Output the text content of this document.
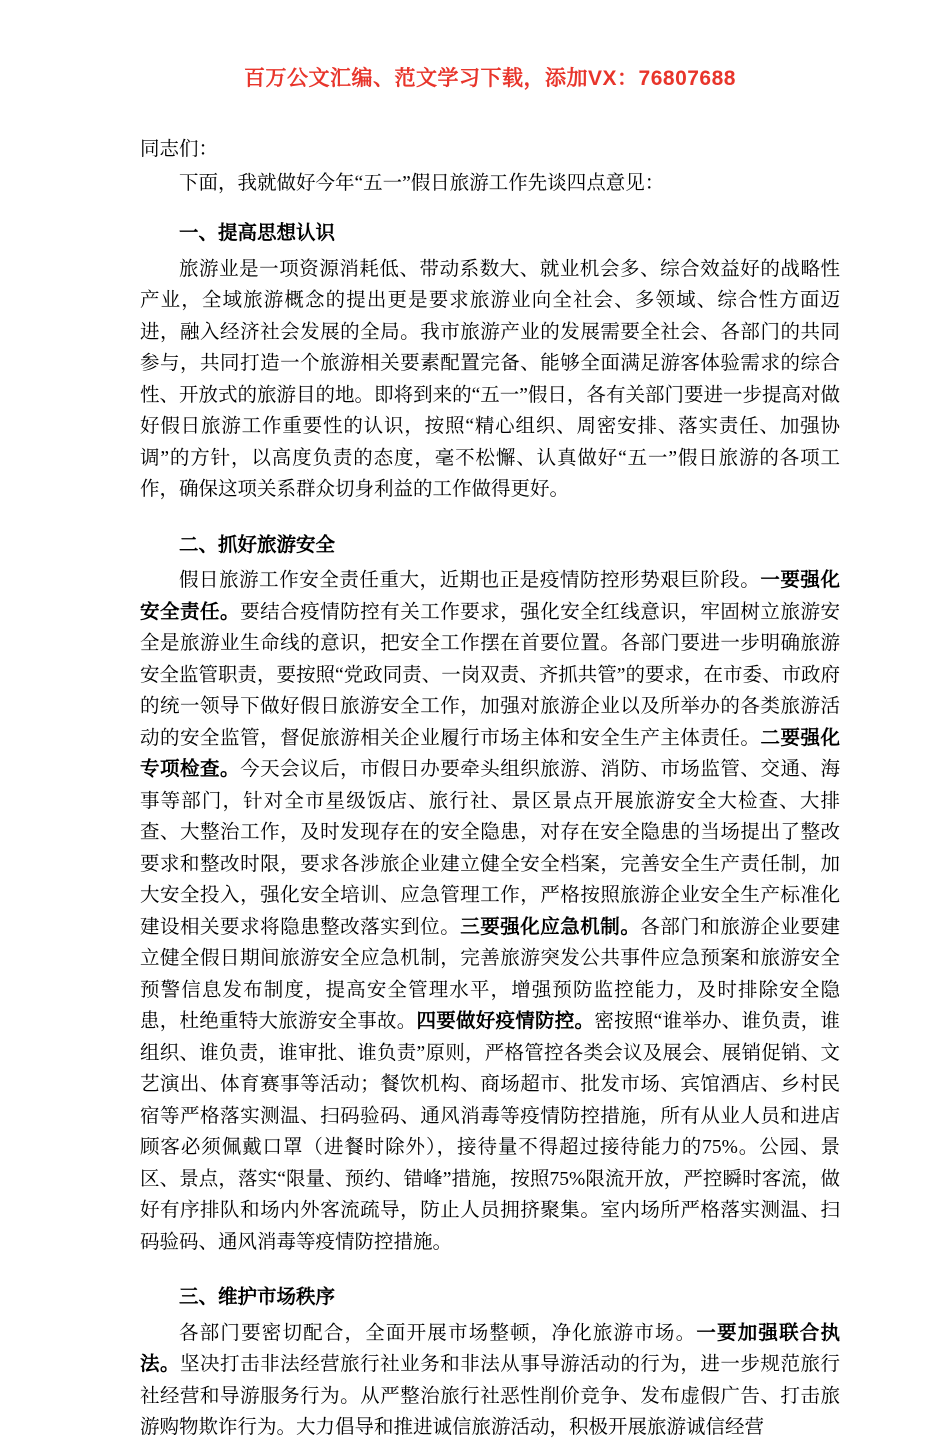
百万公文汇编、范文学习下载，添加VX：76807688

同志们：

下面，我就做好今年“五一”假日旅游工作先谈四点意见：

一、提高思想认识

旅游业是一项资源消耗低、带动系数大、就业机会多、综合效益好的战略性产业，全域旅游概念的提出更是要求旅游业向全社会、多领域、综合性方面迈进，融入经济社会发展的全局。我市旅游产业的发展需要全社会、各部门的共同参与，共同打造一个旅游相关要素配置完备、能够全面满足游客体验需求的综合性、开放式的旅游目的地。即将到来的“五一”假日，各有关部门要进一步提高对做好假日旅游工作重要性的认识，按照“精心组织、周密安排、落实责任、加强协调”的方针，以高度负责的态度，毫不松懈、认真做好“五一”假日旅游的各项工作，确保这项关系群众切身利益的工作做得更好。

二、抓好旅游安全

假日旅游工作安全责任重大，近期也正是疫情防控形势艰巨阶段。一要强化安全责任。要结合疫情防控有关工作要求，强化安全红线意识，牢固树立旅游安全是旅游业生命线的意识，把安全工作摆在首要位置。各部门要进一步明确旅游安全监管职责，要按照“党政同责、一岗双责、齐抓共管”的要求，在市委、市政府的统一领导下做好假日旅游安全工作，加强对旅游企业以及所举办的各类旅游活动的安全监管，督促旅游相关企业履行市场主体和安全生产主体责任。二要强化专项检查。今天会议后，市假日办要牵头组织旅游、消防、市场监管、交通、海事等部门，针对全市星级饭店、旅行社、景区景点开展旅游安全大检查、大排查、大整治工作，及时发现存在的安全隐患，对存在安全隐患的当场提出了整改要求和整改时限，要求各涉旅企业建立健全安全档案，完善安全生产责任制，加大安全投入，强化安全培训、应急管理工作，严格按照旅游企业安全生产标准化建设相关要求将隐患整改落实到位。三要强化应急机制。各部门和旅游企业要建立健全假日期间旅游安全应急机制，完善旅游突发公共事件应急预案和旅游安全预警信息发布制度，提高安全管理水平，增强预防监控能力，及时排除安全隐患，杜绝重特大旅游安全事故。四要做好疫情防控。密按照“谁举办、谁负责，谁组织、谁负责，谁审批、谁负责”原则，严格管控各类会议及展会、展销促销、文艺演出、体育赛事等活动；餐饮机构、商场超市、批发市场、宾馆酒店、乡村民宿等严格落实测温、扫码验码、通风消毒等疫情防控措施，所有从业人员和进店顾客必须佩戴口罩（进餐时除外），接待量不得超过接待能力的75%。公园、景区、景点，落实“限量、预约、错峰”措施，按照75%限流开放，严控瞬时客流，做好有序排队和场内外客流疏导，防止人员拥挤聚集。室内场所严格落实测温、扫码验码、通风消毒等疫情防控措施。

三、维护市场秩序

各部门要密切配合，全面开展市场整顿，净化旅游市场。一要加强联合执法。坚决打击非法经营旅行社业务和非法从事导游活动的行为，进一步规范旅行社经营和导游服务行为。从严整治旅行社恶性削价竞争、发布虚假广告、打击旅游购物欺诈行为。大力倡导和推进诚信旅游活动，积极开展旅游诚信经营
